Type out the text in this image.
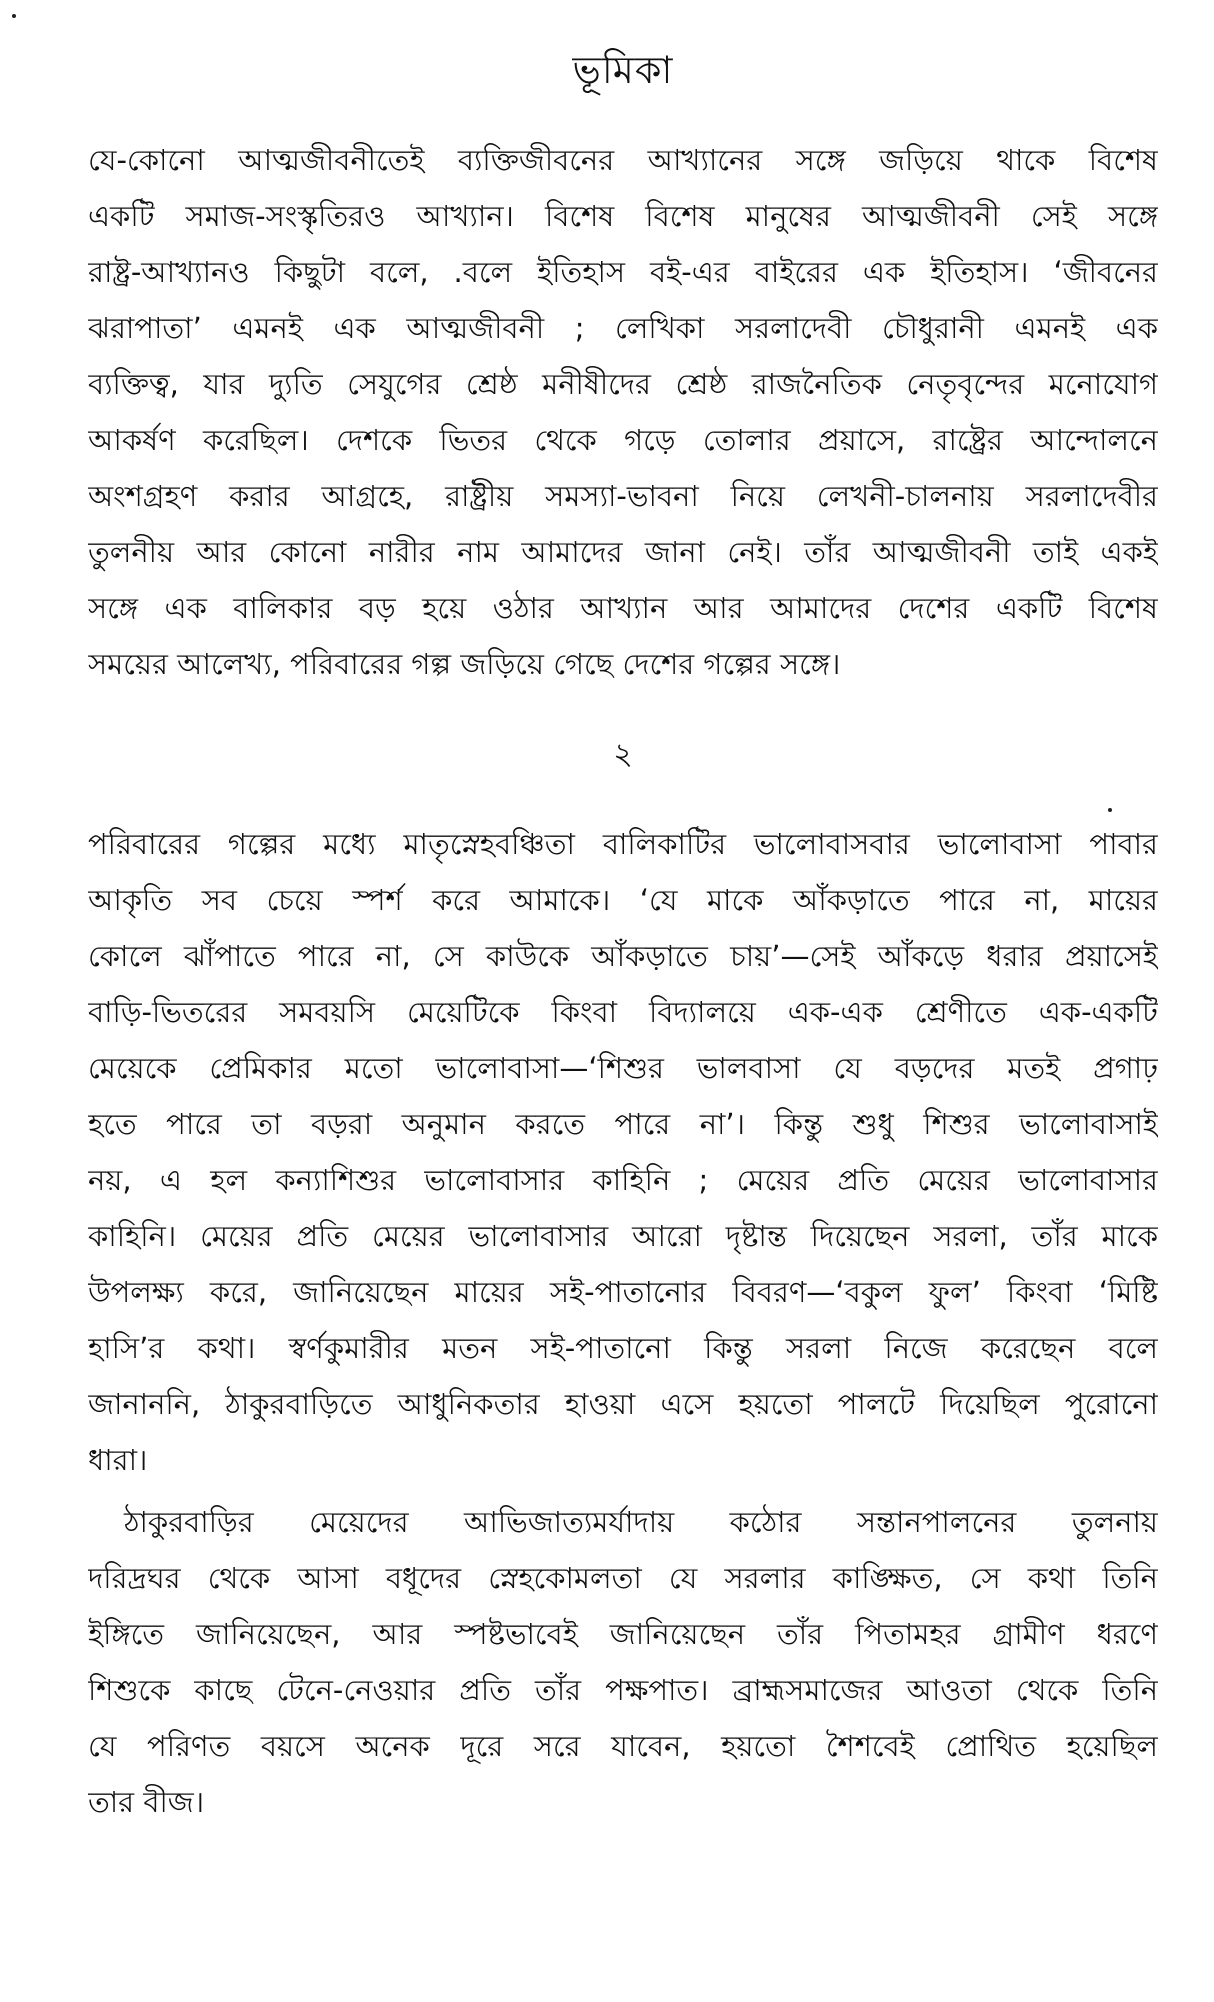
ভূমিকা
যে-কোনো আত্মজীবনীতেই ব্যক্তিজীবনের আখ্যানের সঙ্গে জড়িয়ে থাকে বিশেষ
একটি সমাজ-সংস্কৃতিরও আখ্যান। বিশেষ বিশেষ মানুষের আত্মজীবনী সেই সঙ্গে
রাষ্ট্র-আখ্যানও কিছুটা বলে, .বলে ইতিহাস বই-এর বাইরের এক ইতিহাস। ‘জীবনের
ঝরাপাতা’ এমনই এক আত্মজীবনী ; লেখিকা সরলাদেবী চৌধুরানী এমনই এক
ব্যক্তিত্ব, যার দ্যুতি সেযুগের শ্রেষ্ঠ মনীষীদের শ্রেষ্ঠ রাজনৈতিক নেতৃবৃন্দের মনোযোগ
আকর্ষণ করেছিল। দেশকে ভিতর থেকে গড়ে তোলার প্রয়াসে, রাষ্ট্রের আন্দোলনে
অংশগ্রহণ করার আগ্রহে, রাষ্ট্রীয় সমস্যা-ভাবনা নিয়ে লেখনী-চালনায় সরলাদেবীর
তুলনীয় আর কোনো নারীর নাম আমাদের জানা নেই। তাঁর আত্মজীবনী তাই একই
সঙ্গে এক বালিকার বড় হয়ে ওঠার আখ্যান আর আমাদের দেশের একটি বিশেষ
সময়ের আলেখ্য, পরিবারের গল্প জড়িয়ে গেছে দেশের গল্পের সঙ্গে।
২
পরিবারের গল্পের মধ্যে মাতৃস্নেহবঞ্চিতা বালিকাটির ভালোবাসবার ভালোবাসা পাবার
আকৃতি সব চেয়ে স্পর্শ করে আমাকে। ‘যে মাকে আঁকড়াতে পারে না, মায়ের
কোলে ঝাঁপাতে পারে না, সে কাউকে আঁকড়াতে চায়’—সেই আঁকড়ে ধরার প্রয়াসেই
বাড়ি-ভিতরের সমবয়সি মেয়েটিকে কিংবা বিদ্যালয়ে এক-এক শ্রেণীতে এক-একটি
মেয়েকে প্রেমিকার মতো ভালোবাসা—‘শিশুর ভালবাসা যে বড়দের মতই প্রগাঢ়
হতে পারে তা বড়রা অনুমান করতে পারে না’। কিন্তু শুধু শিশুর ভালোবাসাই
নয়, এ হল কন্যাশিশুর ভালোবাসার কাহিনি ; মেয়ের প্রতি মেয়ের ভালোবাসার
কাহিনি। মেয়ের প্রতি মেয়ের ভালোবাসার আরো দৃষ্টান্ত দিয়েছেন সরলা, তাঁর মাকে
উপলক্ষ্য করে, জানিয়েছেন মায়ের সই-পাতানোর বিবরণ—‘বকুল ফুল’ কিংবা ‘মিষ্টি
হাসি’র কথা। স্বর্ণকুমারীর মতন সই-পাতানো কিন্তু সরলা নিজে করেছেন বলে
জানাননি, ঠাকুরবাড়িতে আধুনিকতার হাওয়া এসে হয়তো পালটে দিয়েছিল পুরোনো
ধারা।
ঠাকুরবাড়ির মেয়েদের আভিজাত্যমর্যাদায় কঠোর সন্তানপালনের তুলনায়
দরিদ্রঘর থেকে আসা বধূদের স্নেহকোমলতা যে সরলার কাঙ্ক্ষিত, সে কথা তিনি
ইঙ্গিতে জানিয়েছেন, আর স্পষ্টভাবেই জানিয়েছেন তাঁর পিতামহর গ্রামীণ ধরণে
শিশুকে কাছে টেনে-নেওয়ার প্রতি তাঁর পক্ষপাত। ব্রাহ্মসমাজের আওতা থেকে তিনি
যে পরিণত বয়সে অনেক দূরে সরে যাবেন, হয়তো শৈশবেই প্রোথিত হয়েছিল
তার বীজ।
